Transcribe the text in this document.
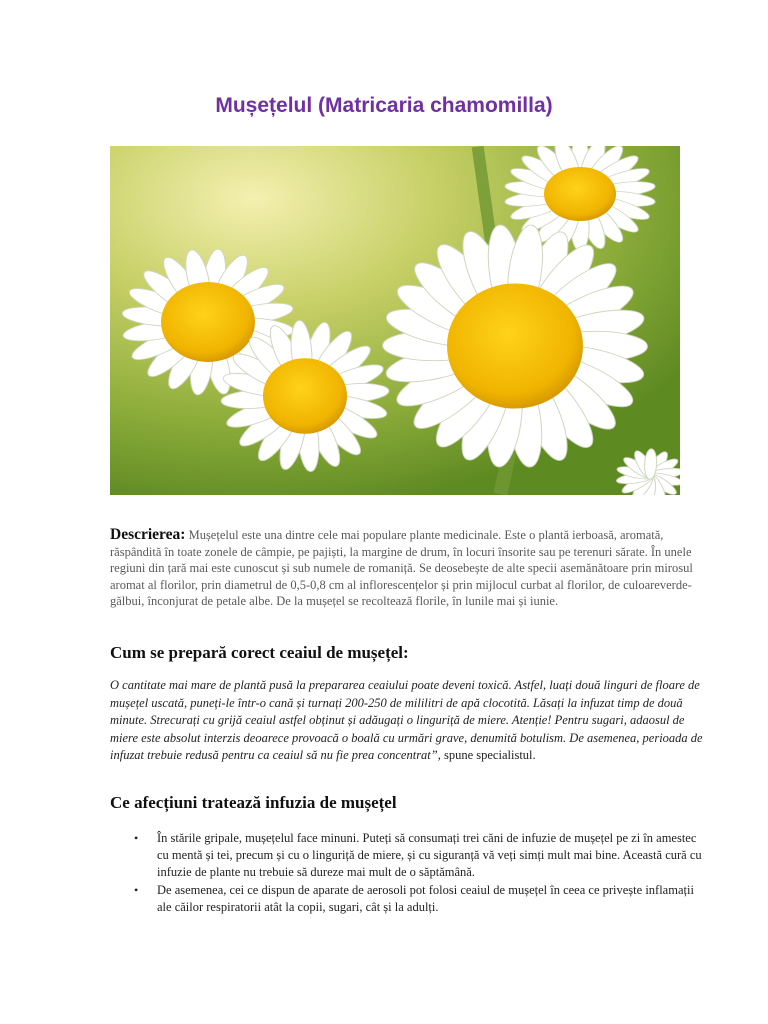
Mușețelul (Matricaria chamomilla)

Descrierea: Mușețelul este una dintre cele mai populare plante medicinale. Este o plantă ierboasă, aromată, răspândită în toate zonele de câmpie, pe pajiști, la margine de drum, în locuri însorite sau pe terenuri sărate. În unele regiuni din țară mai este cunoscut și sub numele de romaniță. Se deosebește de alte specii asemănătoare prin mirosul aromat al florilor, prin diametrul de 0,5-0,8 cm al inflorescențelor și prin mijlocul curbat al florilor, de culoareverde-gălbui, înconjurat de petale albe. De la mușețel se recoltează florile, în lunile mai și iunie.

Cum se prepară corect ceaiul de mușețel:

O cantitate mai mare de plantă pusă la prepararea ceaiului poate deveni toxică. Astfel, luați două linguri de floare de mușețel uscată, puneți-le într-o cană și turnați 200-250 de mililitri de apă clocotită. Lăsați la infuzat timp de două minute. Strecurați cu grijă ceaiul astfel obținut și adăugați o linguriță de miere. Atenție! Pentru sugari, adaosul de miere este absolut interzis deoarece provoacă o boală cu urmări grave, denumită botulism. De asemenea, perioada de infuzat trebuie redusă pentru ca ceaiul să nu fie prea concentrat”, spune specialistul.

Ce afecțiuni tratează infuzia de mușețel
• În stările gripale, mușețelul face minuni. Puteți să consumați trei căni de infuzie de mușețel pe zi în amestec cu mentă și tei, precum și cu o linguriță de miere, și cu siguranță vă veți simți mult mai bine. Această cură cu infuzie de plante nu trebuie să dureze mai mult de o săptămână.
• De asemenea, cei ce dispun de aparate de aerosoli pot folosi ceaiul de mușețel în ceea ce privește inflamații ale căilor respiratorii atât la copii, sugari, cât și la adulți.
